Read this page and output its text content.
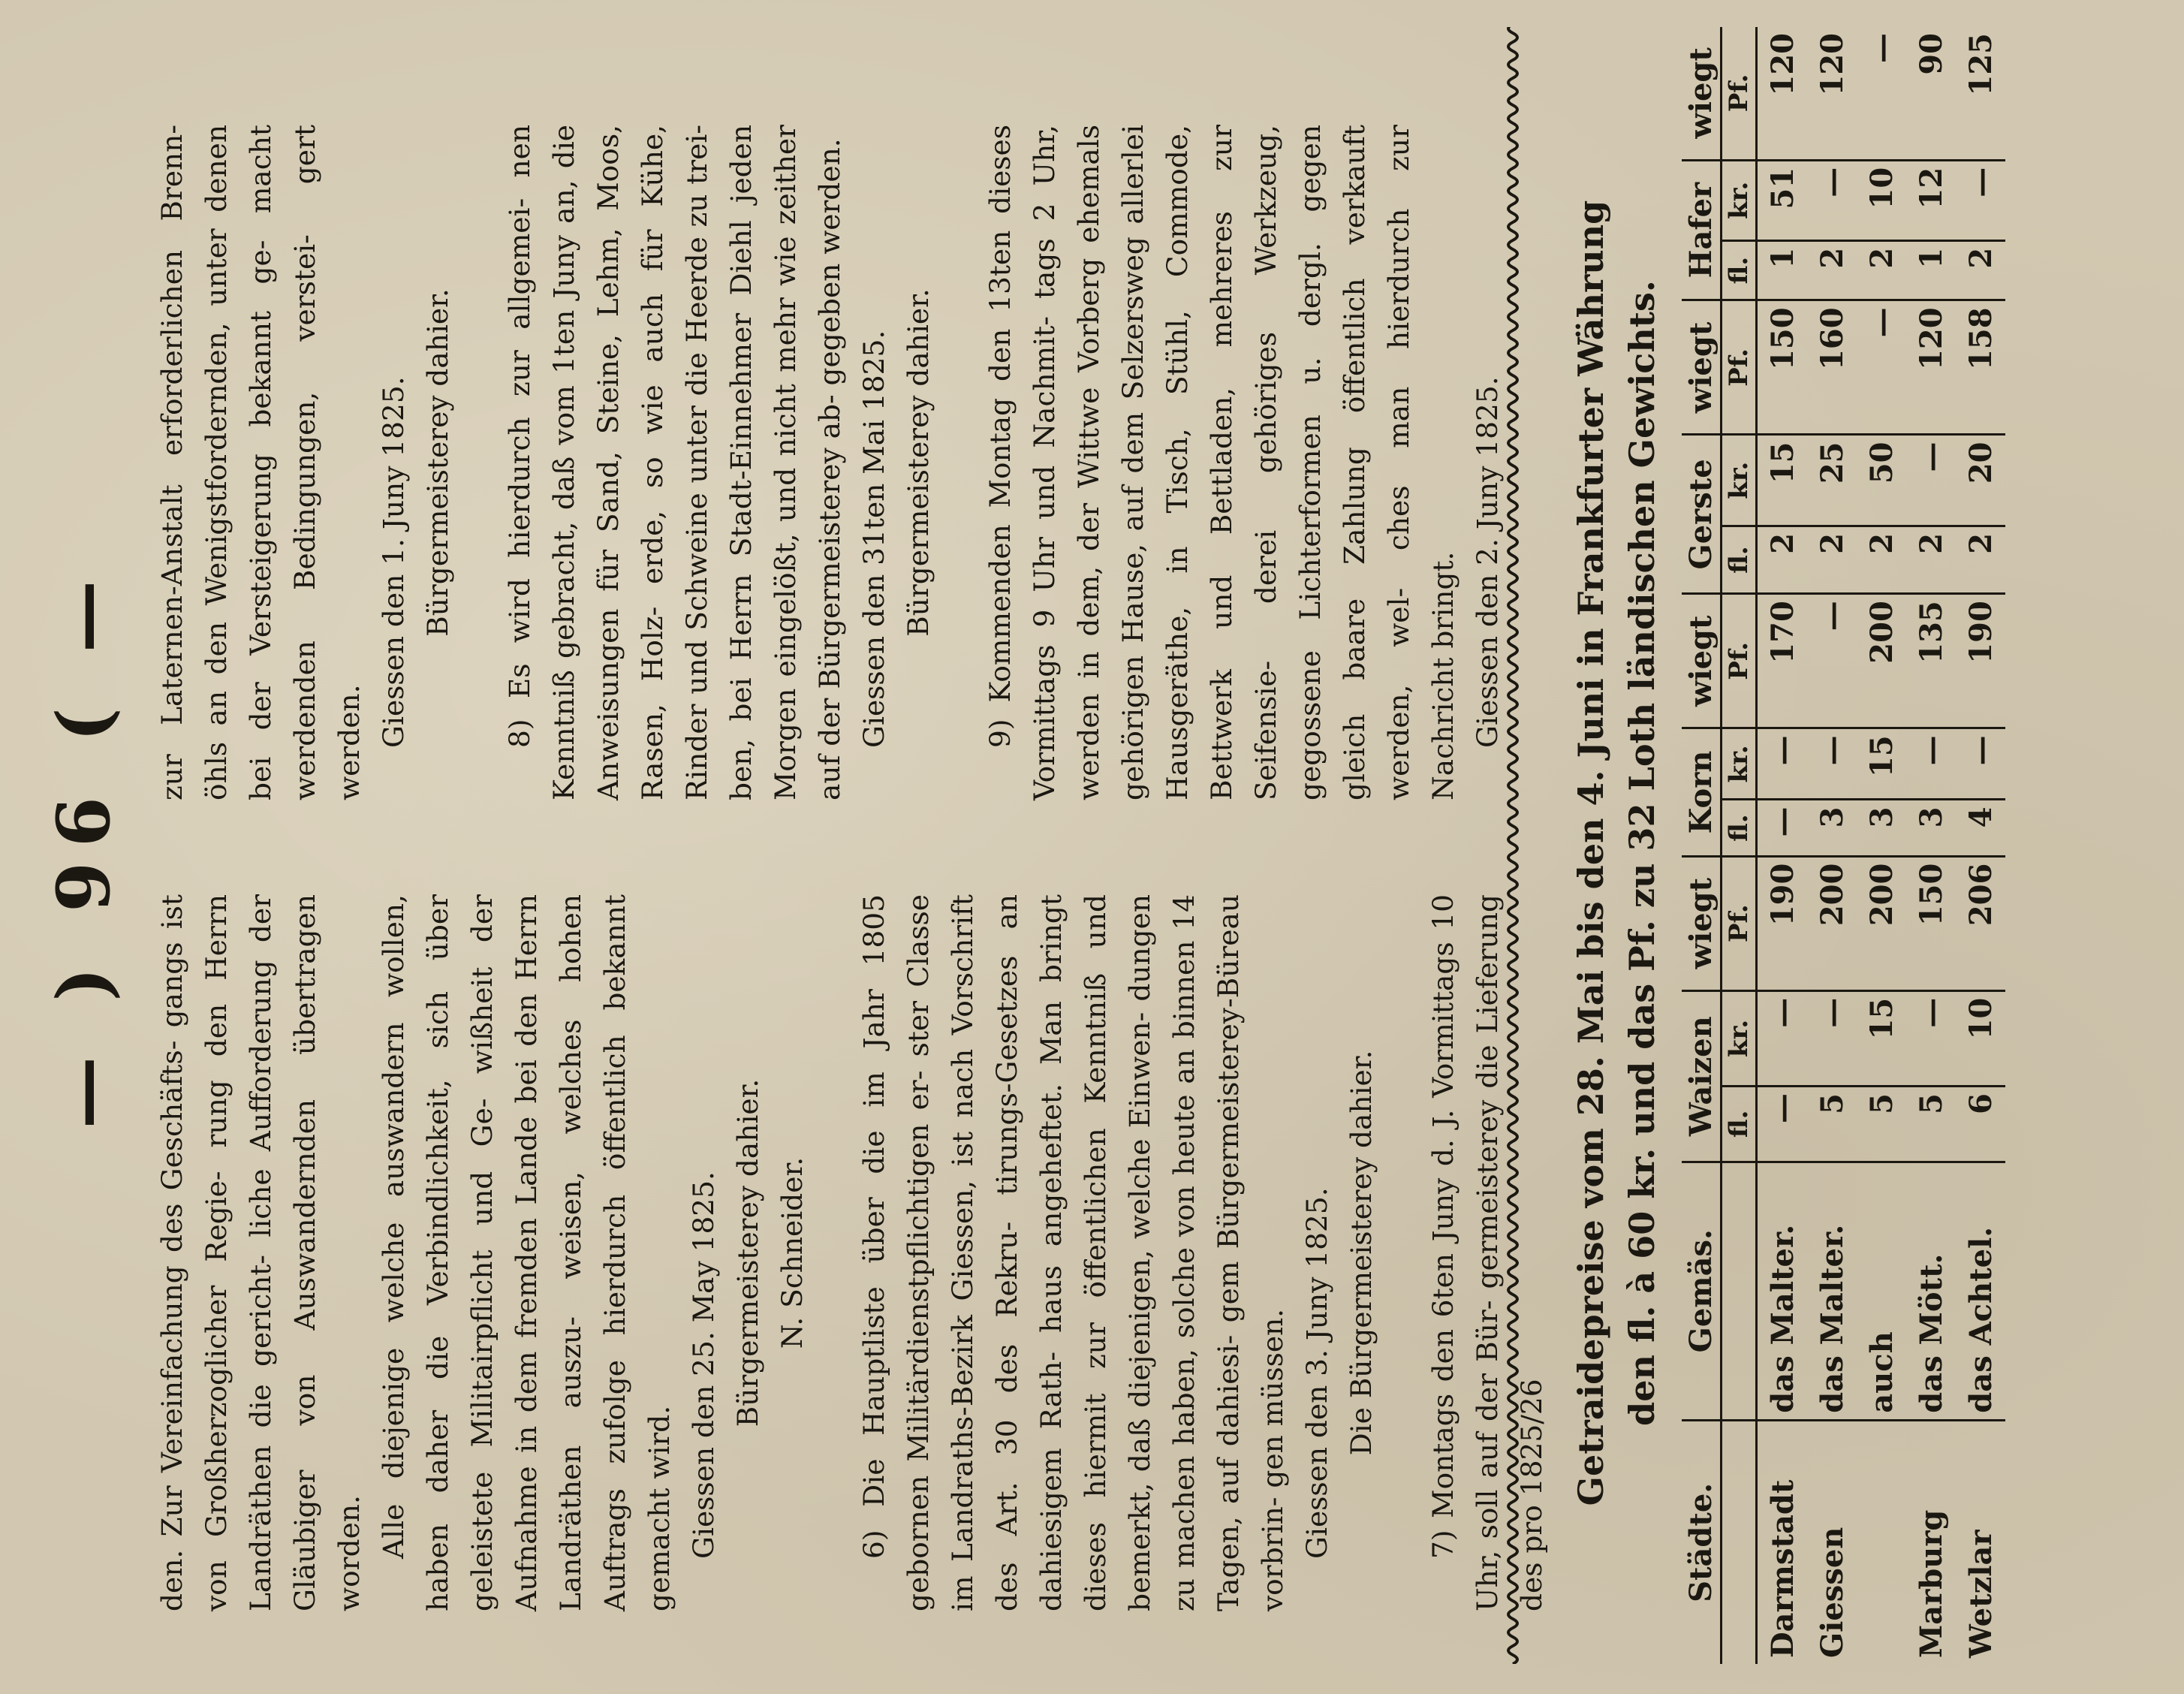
— ) 96 ( —

den. Zur Vereinfachung des Geschäfts- gangs ist von Großherzoglicher Regie- rung den Herrn Landräthen die gericht- liche Aufforderung der Gläubiger von Auswandernden übertragen worden. Alle diejenige welche auswandern wollen, haben daher die Verbindlichkeit, sich über geleistete Militairpflicht und Ge- wißheit der Aufnahme in dem fremden Lande bei den Herrn Landräthen auszu- weisen, welches hohen Auftrags zufolge hierdurch öffentlich bekannt gemacht wird. Giessen den 25. May 1825. Bürgermeisterey dahier. N. Schneider. 6) Die Hauptliste über die im Jahr 1805 gebornen Militärdienstpflichtigen er- ster Classe im Landraths-Bezirk Giessen, ist nach Vorschrift des Art. 30 des Rekru- tirungs-Gesetzes an dahiesigem Rath- haus angeheftet. Man bringt dieses hiermit zur öffentlichen Kenntniß und bemerkt, daß diejenigen, welche Einwen- dungen zu machen haben, solche von heute an binnen 14 Tagen, auf dahiesi- gem Bürgermeisterey-Büreau vorbrin- gen müssen. Giessen den 3. Juny 1825. Die Bürgermeisterey dahier. 7) Montags den 6ten Juny d. J. Vormittags 10 Uhr, soll auf der Bür- germeisterey die Lieferung des pro 1825/26

zur Laternen-Anstalt erforderlichen Brenn- öhls an den Wenigstfordernden, unter denen bei der Versteigerung bekannt ge- macht werdenden Bedingungen, verstei- gert werden. Giessen den 1. Juny 1825. Bürgermeisterey dahier. 8) Es wird hierdurch zur allgemei- nen Kenntniß gebracht, daß vom 1ten Juny an, die Anweisungen für Sand, Steine, Lehm, Moos, Rasen, Holz- erde, so wie auch für Kühe, Rinder und Schweine unter die Heerde zu trei- ben, bei Herrn Stadt-Einnehmer Diehl jeden Morgen eingelößt, und nicht mehr wie zeither auf der Bürgermeisterey ab- gegeben werden. Giessen den 31ten Mai 1825. Bürgermeisterey dahier. 9) Kommenden Montag den 13ten dieses Vormittags 9 Uhr und Nachmit- tags 2 Uhr, werden in dem, der Wittwe Vorberg ehemals gehörigen Hause, auf dem Selzersweg allerlei Hausgeräthe, in Tisch, Stühl, Commode, Bettwerk und Bettladen, mehreres zur Seifensie- derei gehöriges Werkzeug, gegossene Lichterformen u. dergl. gegen gleich baare Zahlung öffentlich verkauft werden, wel- ches man hierdurch zur Nachricht bringt. Giessen den 2. Juny 1825. Getraidepreise vom 28. Mai bis den 4. Juni in Frankfurter Währung den fl. à 60 kr. und das Pf. zu 32 Loth ländischen Gewichts.
Städte.	Gemäs.	Waizen		wiegt	Korn		wiegt	Gerste		wiegt	Hafer		wiegt
		fl.	kr.	Pf.	fl.	kr.	Pf.	fl.	kr.	Pf.	fl.	kr.	Pf.
Darmstadt	das Malter.	—	—	190	—	—	170	2	15	150	1	51	120
Giessen	das Malter.	5	—	200	3	—	—	2	25	160	2	—	120
	auch	5	15	200	3	15	200	2	50	—	2	10	—
Marburg	das Mött.	5	—	150	3	—	135	2	—	120	1	12	90
Wetzlar	das Achtel.	6	10	206	4	—	190	2	20	158	2	—	125
